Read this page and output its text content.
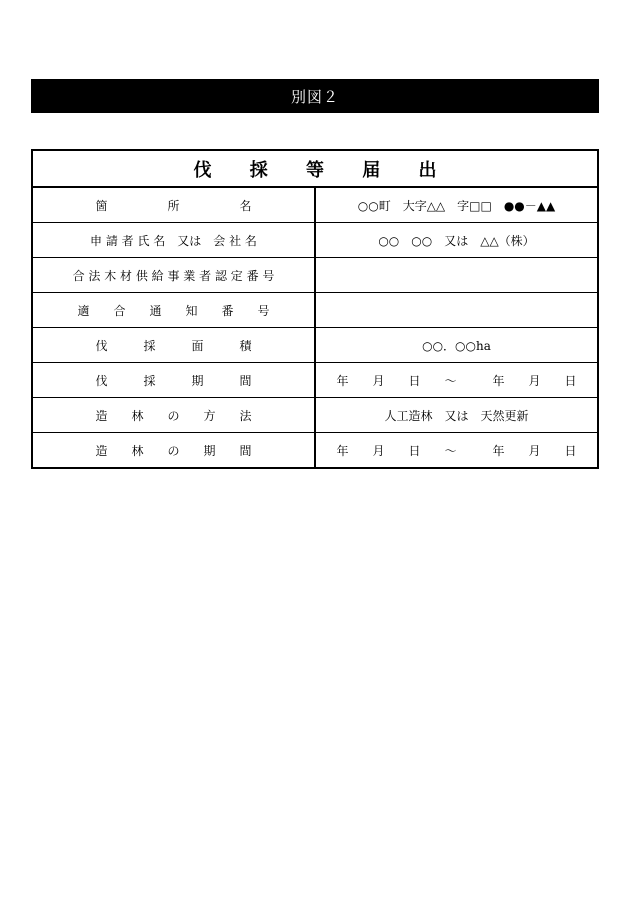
別図２
伐 採 等 届 出	
箇　　　　　所　　　　　名	○○町　大字△△　字□□　●●－▲▲
申 請 者 氏 名　又は　会 社 名	○○　○○　又は　△△（株）
合 法 木 材 供 給 事 業 者 認 定 番 号	
適　　合　　通　　知　　番　　号	
伐　　　採　　　面　　　積	○○．○○ha
伐　　　採　　　期　　　間	年　　月　　日　　～　　　年　　月　　日
造　　林　　の　　方　　法	人工造林　又は　天然更新
造　　林　　の　　期　　間	年　　月　　日　　～　　　年　　月　　日
